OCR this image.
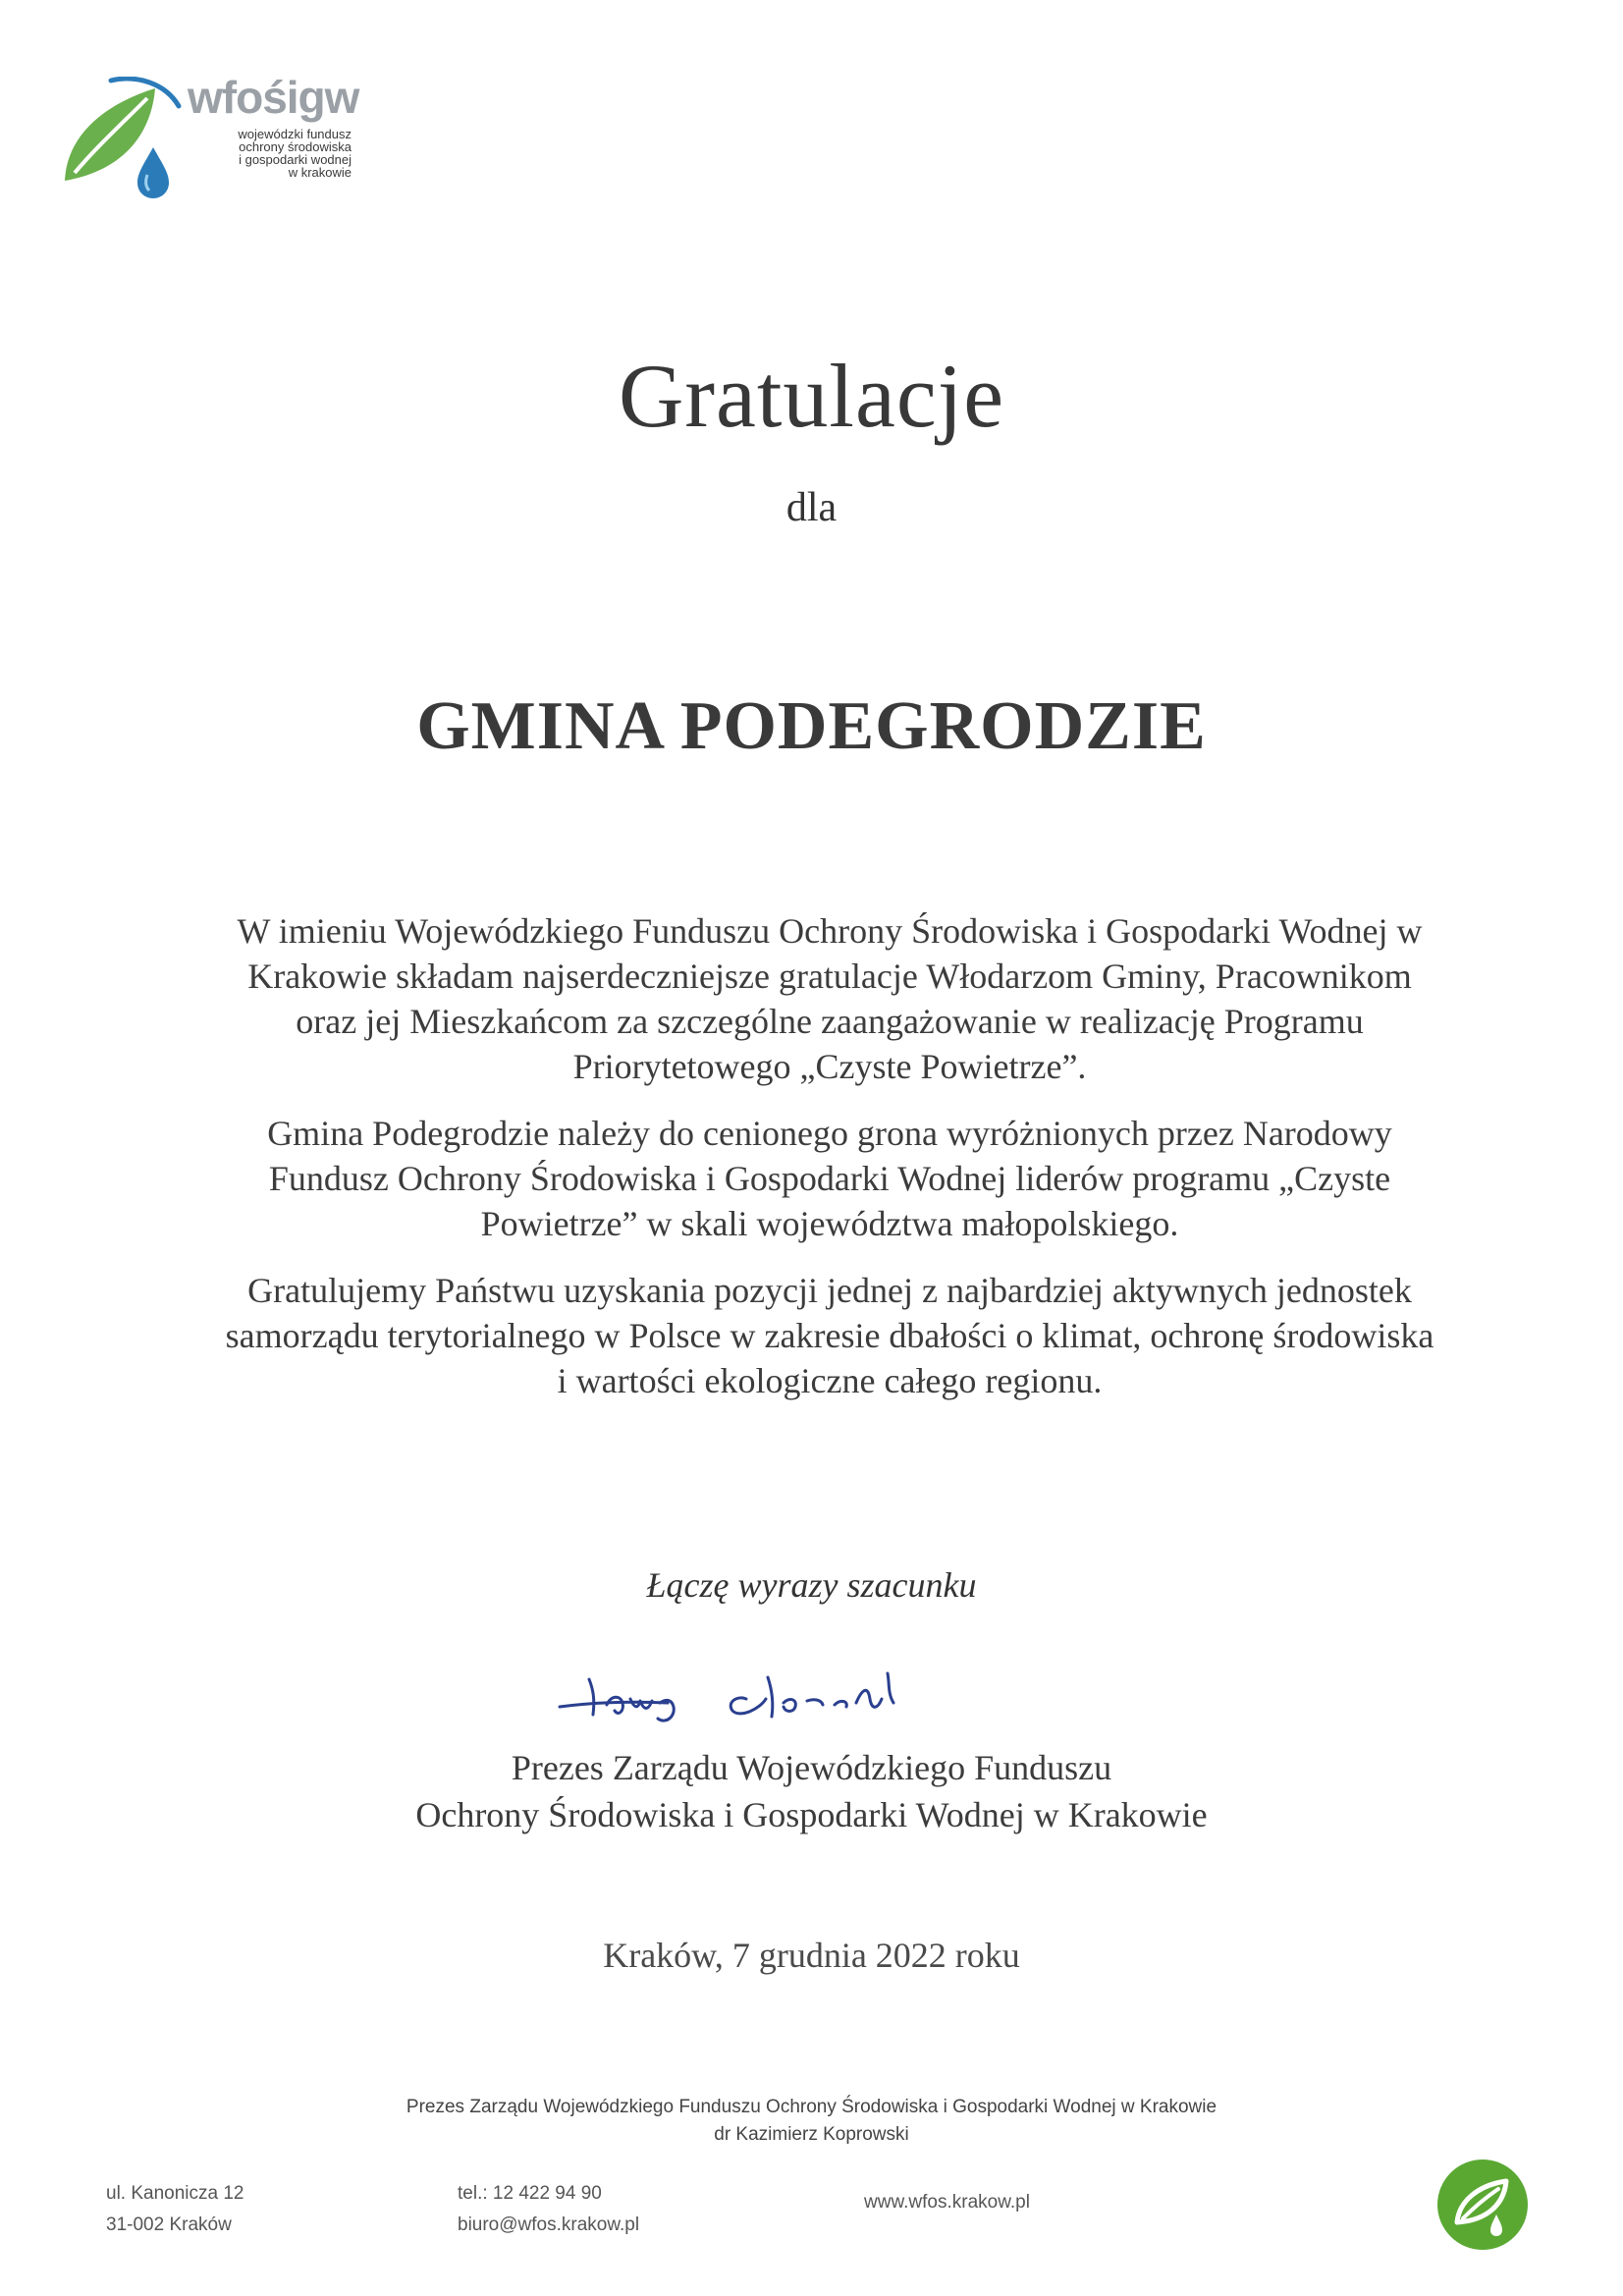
wfośigw
wojewódzki fundusz
ochrony środowiska
i gospodarki wodnej
w krakowie
Gratulacje
dla
GMINA PODEGRODZIE

W imieniu Wojewódzkiego Funduszu Ochrony Środowiska i Gospodarki Wodnej w Krakowie składam najserdeczniejsze gratulacje Włodarzom Gminy, Pracownikom oraz jej Mieszkańcom za szczególne zaangażowanie w realizację Programu Priorytetowego „Czyste Powietrze”.

Gmina Podegrodzie należy do cenionego grona wyróżnionych przez Narodowy Fundusz Ochrony Środowiska i Gospodarki Wodnej liderów programu „Czyste Powietrze” w skali województwa małopolskiego.

Gratulujemy Państwu uzyskania pozycji jednej z najbardziej aktywnych jednostek samorządu terytorialnego w Polsce w zakresie dbałości o klimat, ochronę środowiska i wartości ekologiczne całego regionu.

Łączę wyrazy szacunku
Prezes Zarządu Wojewódzkiego Funduszu
Ochrony Środowiska i Gospodarki Wodnej w Krakowie
Kraków, 7 grudnia 2022 roku
Prezes Zarządu Wojewódzkiego Funduszu Ochrony Środowiska i Gospodarki Wodnej w Krakowie
dr Kazimierz Koprowski
ul. Kanonicza 12
31-002 Kraków
tel.: 12 422 94 90
biuro@wfos.krakow.pl
www.wfos.krakow.pl
